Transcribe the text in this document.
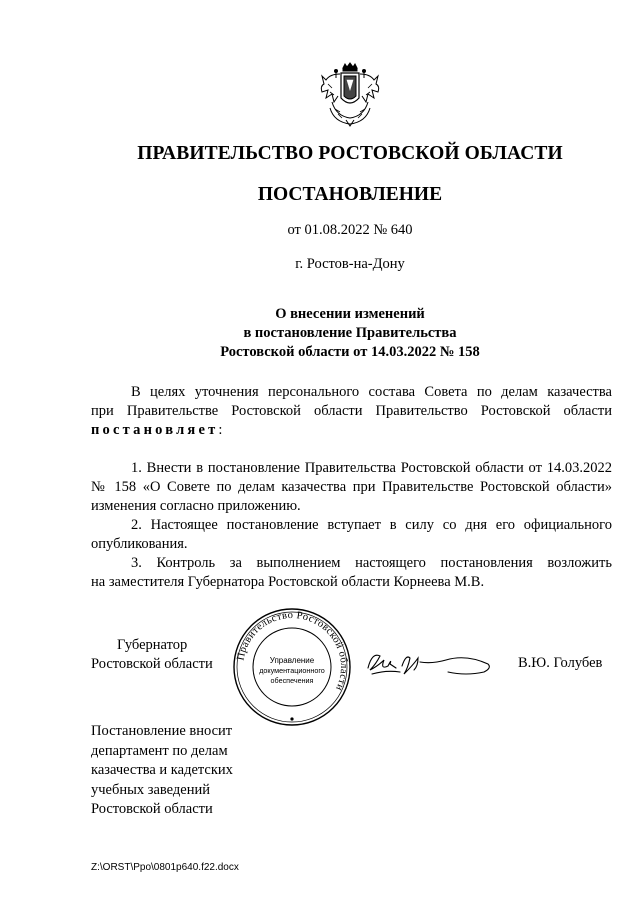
ПРАВИТЕЛЬСТВО РОСТОВСКОЙ ОБЛАСТИ
ПОСТАНОВЛЕНИЕ
от 01.08.2022 № 640
г. Ростов-на-Дону
О внесении изменений
в постановление Правительства
Ростовской области от 14.03.2022 № 158
В целях уточнения персонального состава Совета по делам казачества
при Правительстве Ростовской области Правительство Ростовской области
постановляет:
1. Внести в постановление Правительства Ростовской области от 14.03.2022
№ 158 «О Совете по делам казачества при Правительстве Ростовской области»
изменения согласно приложению.
2. Настоящее постановление вступает в силу со дня его официального
опубликования.
3. Контроль за выполнением настоящего постановления возложить
на заместителя Губернатора Ростовской области Корнеева М.В.
Губернатор
Ростовской области	Правительство Ростовской области
Управление
документационного
обеспечения
В.Ю. Голубев
Постановление вносит
департамент по делам
казачества и кадетских
учебных заведений
Ростовской области
Z:\ORST\Ppo\0801p640.f22.docx
